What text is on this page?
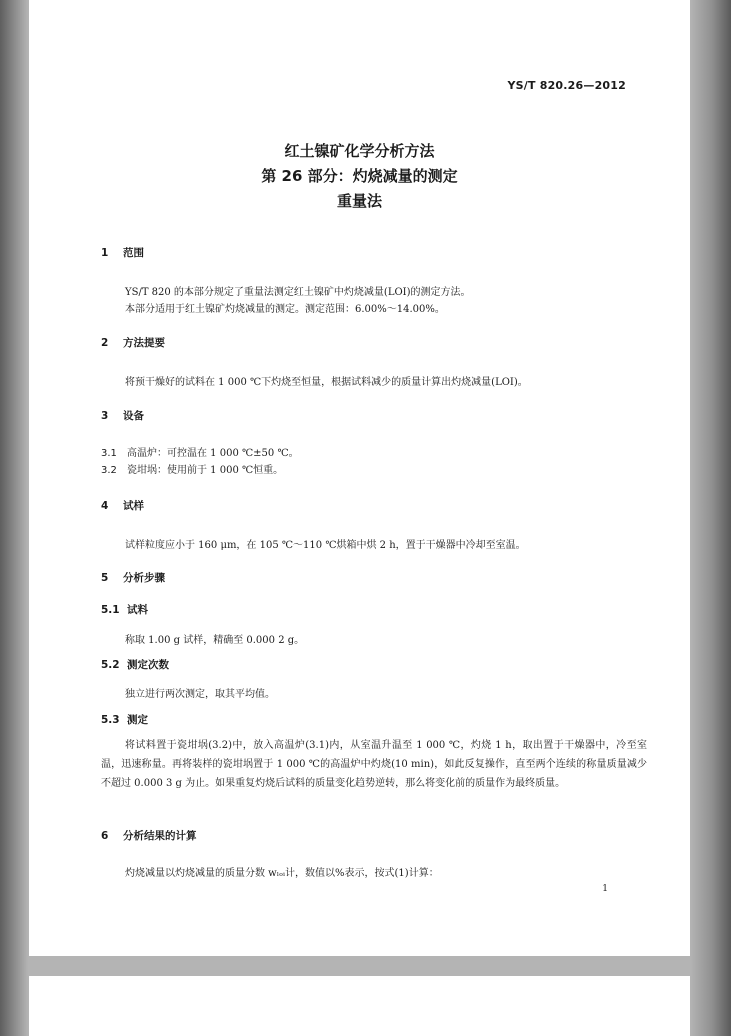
YS/T 820.26—2012
红土镍矿化学分析方法
第 26 部分：灼烧减量的测定
重量法
1 范围
YS/T 820 的本部分规定了重量法测定红土镍矿中灼烧减量(LOI)的测定方法。
本部分适用于红土镍矿灼烧减量的测定。测定范围：6.00%～14.00%。
2 方法提要
将预干燥好的试料在 1 000 ℃下灼烧至恒量，根据试料减少的质量计算出灼烧减量(LOI)。
3 设备
3.1 高温炉：可控温在 1 000 ℃±50 ℃。
3.2 瓷坩埚：使用前于 1 000 ℃恒重。
4 试样
试样粒度应小于 160 μm，在 105 ℃～110 ℃烘箱中烘 2 h，置于干燥器中冷却至室温。
5 分析步骤
5.1 试料
称取 1.00 g 试样，精确至 0.000 2 g。
5.2 测定次数
独立进行两次测定，取其平均值。
5.3 测定

将试料置于瓷坩埚(3.2)中，放入高温炉(3.1)内，从室温升温至 1 000 ℃，灼烧 1 h，取出置于干燥器中，冷至室温，迅速称量。再将装样的瓷坩埚置于 1 000 ℃的高温炉中灼烧(10 min)，如此反复操作，直至两个连续的称量质量减少不超过 0.000 3 g 为止。如果重复灼烧后试料的质量变化趋势逆转，那么将变化前的质量作为最终质量。

6 分析结果的计算
灼烧减量以灼烧减量的质量分数 wₗₒᵢ计，数值以%表示，按式(1)计算：
1
